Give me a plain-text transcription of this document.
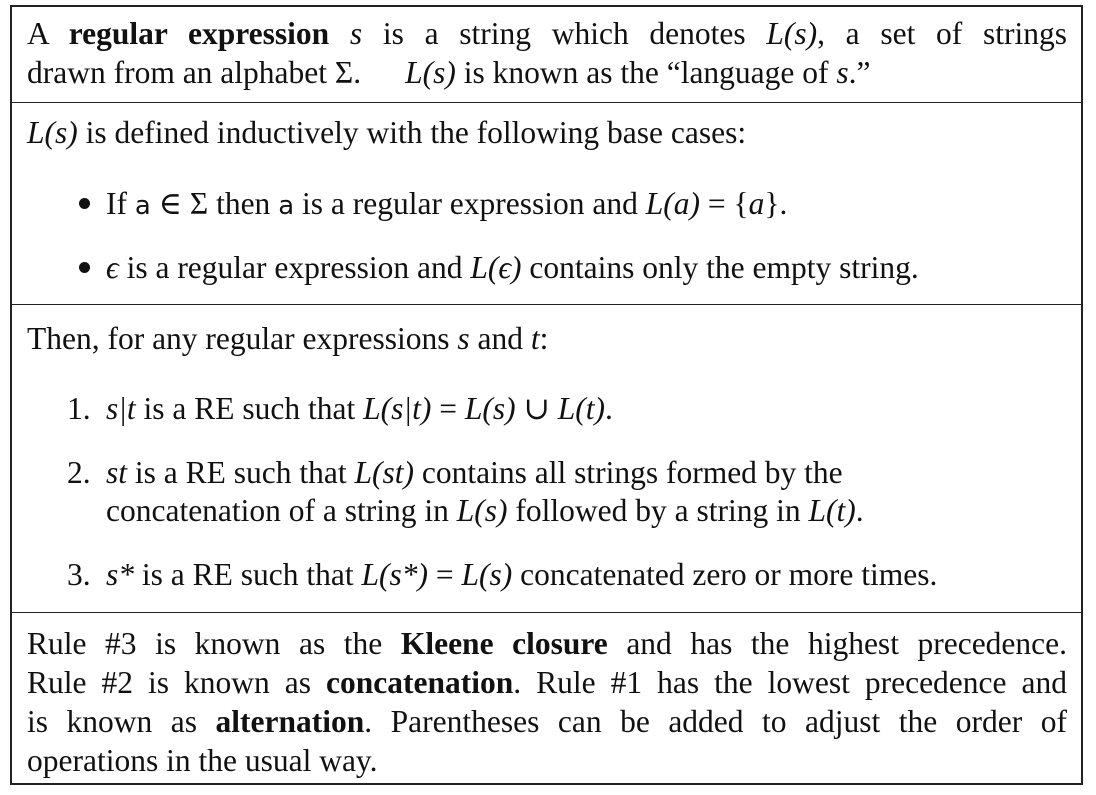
A regular expression s is a string which denotes L(s), a set of strings
drawn from an alphabet Σ. L(s) is known as the “language of s.”
L(s) is defined inductively with the following base cases:
If a ∈ Σ then a is a regular expression and L(a) = {a}.
ϵ is a regular expression and L(ϵ) contains only the empty string.
Then, for any regular expressions s and t:
1. s|t is a RE such that L(s|t) = L(s) ∪ L(t).
2. st is a RE such that L(st) contains all strings formed by the
concatenation of a string in L(s) followed by a string in L(t).
3. s* is a RE such that L(s*) = L(s) concatenated zero or more times.
Rule #3 is known as the Kleene closure and has the highest precedence.
Rule #2 is known as concatenation. Rule #1 has the lowest precedence and
is known as alternation. Parentheses can be added to adjust the order of
operations in the usual way.
